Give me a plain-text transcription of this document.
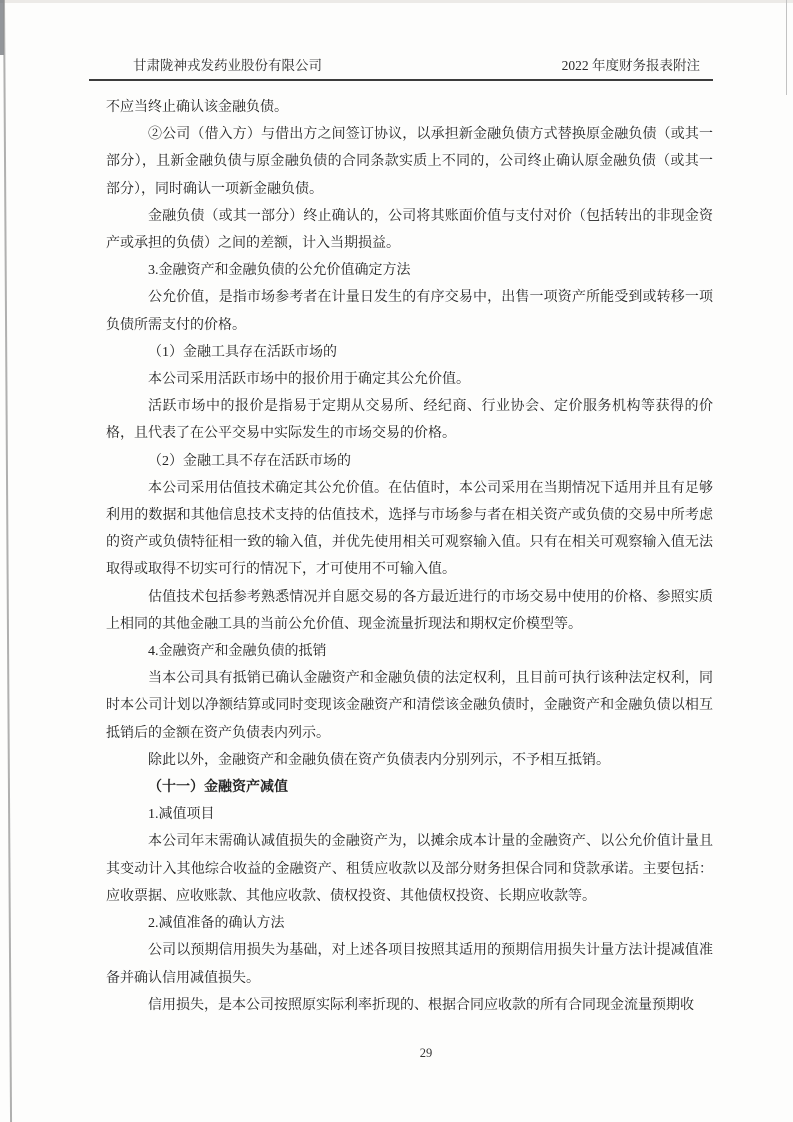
甘肃陇神戎发药业股份有限公司	2022 年度财务报表附注

不应当终止确认该金融负债。

②公司（借入方）与借出方之间签订协议，以承担新金融负债方式替换原金融负债（或其一部分），且新金融负债与原金融负债的合同条款实质上不同的，公司终止确认原金融负债（或其一部分），同时确认一项新金融负债。

金融负债（或其一部分）终止确认的，公司将其账面价值与支付对价（包括转出的非现金资产或承担的负债）之间的差额，计入当期损益。

3.金融资产和金融负债的公允价值确定方法

公允价值，是指市场参考者在计量日发生的有序交易中，出售一项资产所能受到或转移一项负债所需支付的价格。

（1）金融工具存在活跃市场的

本公司采用活跃市场中的报价用于确定其公允价值。

活跃市场中的报价是指易于定期从交易所、经纪商、行业协会、定价服务机构等获得的价格，且代表了在公平交易中实际发生的市场交易的价格。

（2）金融工具不存在活跃市场的

本公司采用估值技术确定其公允价值。在估值时，本公司采用在当期情况下适用并且有足够利用的数据和其他信息技术支持的估值技术，选择与市场参与者在相关资产或负债的交易中所考虑的资产或负债特征相一致的输入值，并优先使用相关可观察输入值。只有在相关可观察输入值无法取得或取得不切实可行的情况下，才可使用不可输入值。

估值技术包括参考熟悉情况并自愿交易的各方最近进行的市场交易中使用的价格、参照实质上相同的其他金融工具的当前公允价值、现金流量折现法和期权定价模型等。

4.金融资产和金融负债的抵销

当本公司具有抵销已确认金融资产和金融负债的法定权利，且目前可执行该种法定权利，同时本公司计划以净额结算或同时变现该金融资产和清偿该金融负债时，金融资产和金融负债以相互抵销后的金额在资产负债表内列示。

除此以外，金融资产和金融负债在资产负债表内分别列示，不予相互抵销。

（十一）金融资产减值

1.减值项目

本公司年末需确认减值损失的金融资产为，以摊余成本计量的金融资产、以公允价值计量且其变动计入其他综合收益的金融资产、租赁应收款以及部分财务担保合同和贷款承诺。主要包括：应收票据、应收账款、其他应收款、债权投资、其他债权投资、长期应收款等。

2.减值准备的确认方法

公司以预期信用损失为基础，对上述各项目按照其适用的预期信用损失计量方法计提减值准备并确认信用减值损失。

信用损失，是本公司按照原实际利率折现的、根据合同应收款的所有合同现金流量预期收

29
